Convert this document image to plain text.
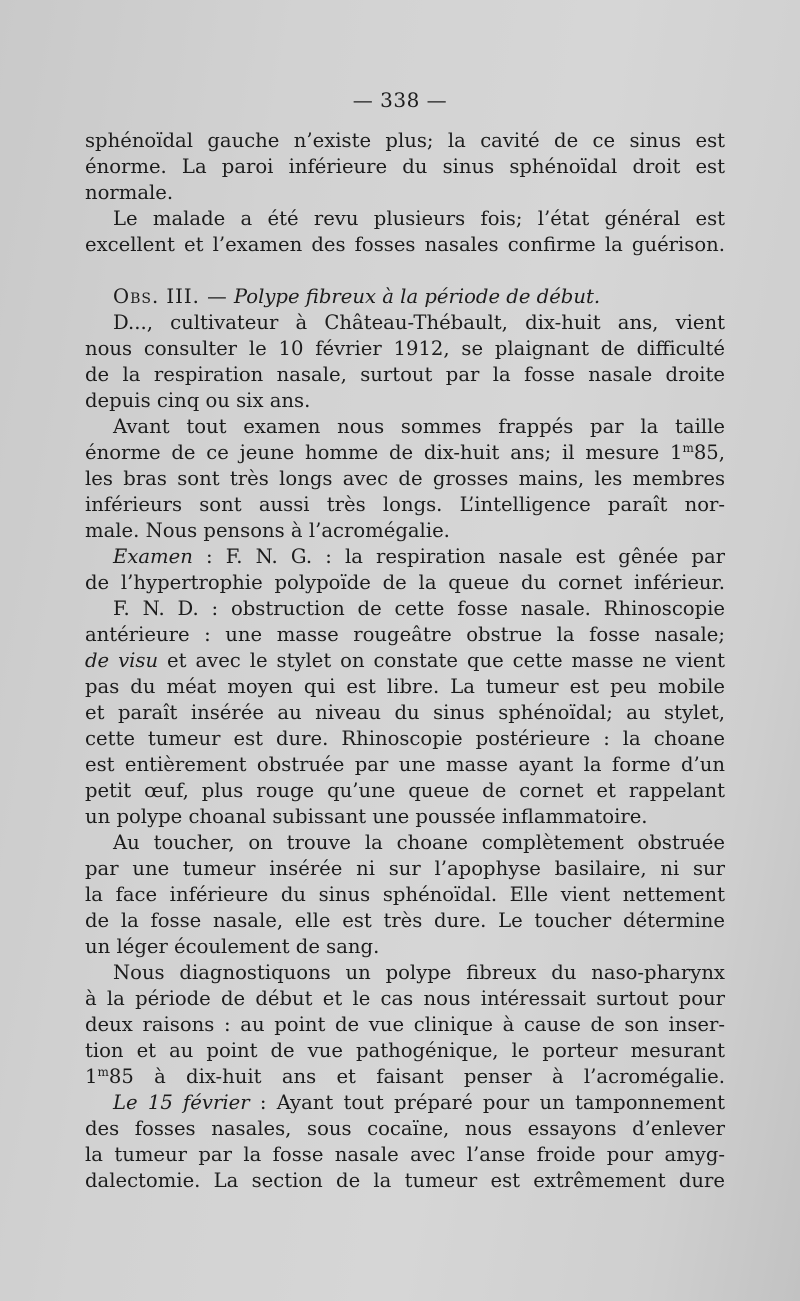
— 338 —
sphénoïdal gauche n’existe plus; la cavité de ce sinus est
énorme. La paroi inférieure du sinus sphénoïdal droit est
normale.
Le malade a été revu plusieurs fois; l’état général est
excellent et l’examen des fosses nasales confirme la guérison.
Obs. III. — Polype fibreux à la période de début.
D..., cultivateur à Château-Thébault, dix-huit ans, vient
nous consulter le 10 février 1912, se plaignant de difficulté
de la respiration nasale, surtout par la fosse nasale droite
depuis cinq ou six ans.
Avant tout examen nous sommes frappés par la taille
énorme de ce jeune homme de dix-huit ans; il mesure 1$^m$85,
les bras sont très longs avec de grosses mains, les membres
inférieurs sont aussi très longs. L’intelligence paraît nor-
male. Nous pensons à l’acromégalie.
Examen : F. N. G. : la respiration nasale est gênée par
de l’hypertrophie polypoïde de la queue du cornet inférieur.
F. N. D. : obstruction de cette fosse nasale. Rhinoscopie
antérieure : une masse rougeâtre obstrue la fosse nasale;
de visu et avec le stylet on constate que cette masse ne vient
pas du méat moyen qui est libre. La tumeur est peu mobile
et paraît insérée au niveau du sinus sphénoïdal; au stylet,
cette tumeur est dure. Rhinoscopie postérieure : la choane
est entièrement obstruée par une masse ayant la forme d’un
petit œuf, plus rouge qu’une queue de cornet et rappelant
un polype choanal subissant une poussée inflammatoire.
Au toucher, on trouve la choane complètement obstruée
par une tumeur insérée ni sur l’apophyse basilaire, ni sur
la face inférieure du sinus sphénoïdal. Elle vient nettement
de la fosse nasale, elle est très dure. Le toucher détermine
un léger écoulement de sang.
Nous diagnostiquons un polype fibreux du naso-pharynx
à la période de début et le cas nous intéressait surtout pour
deux raisons : au point de vue clinique à cause de son inser-
tion et au point de vue pathogénique, le porteur mesurant
1$^m$85 à dix-huit ans et faisant penser à l’acromégalie.
Le 15 février : Ayant tout préparé pour un tamponnement
des fosses nasales, sous cocaïne, nous essayons d’enlever
la tumeur par la fosse nasale avec l’anse froide pour amyg-
dalectomie. La section de la tumeur est extrêmement dure
